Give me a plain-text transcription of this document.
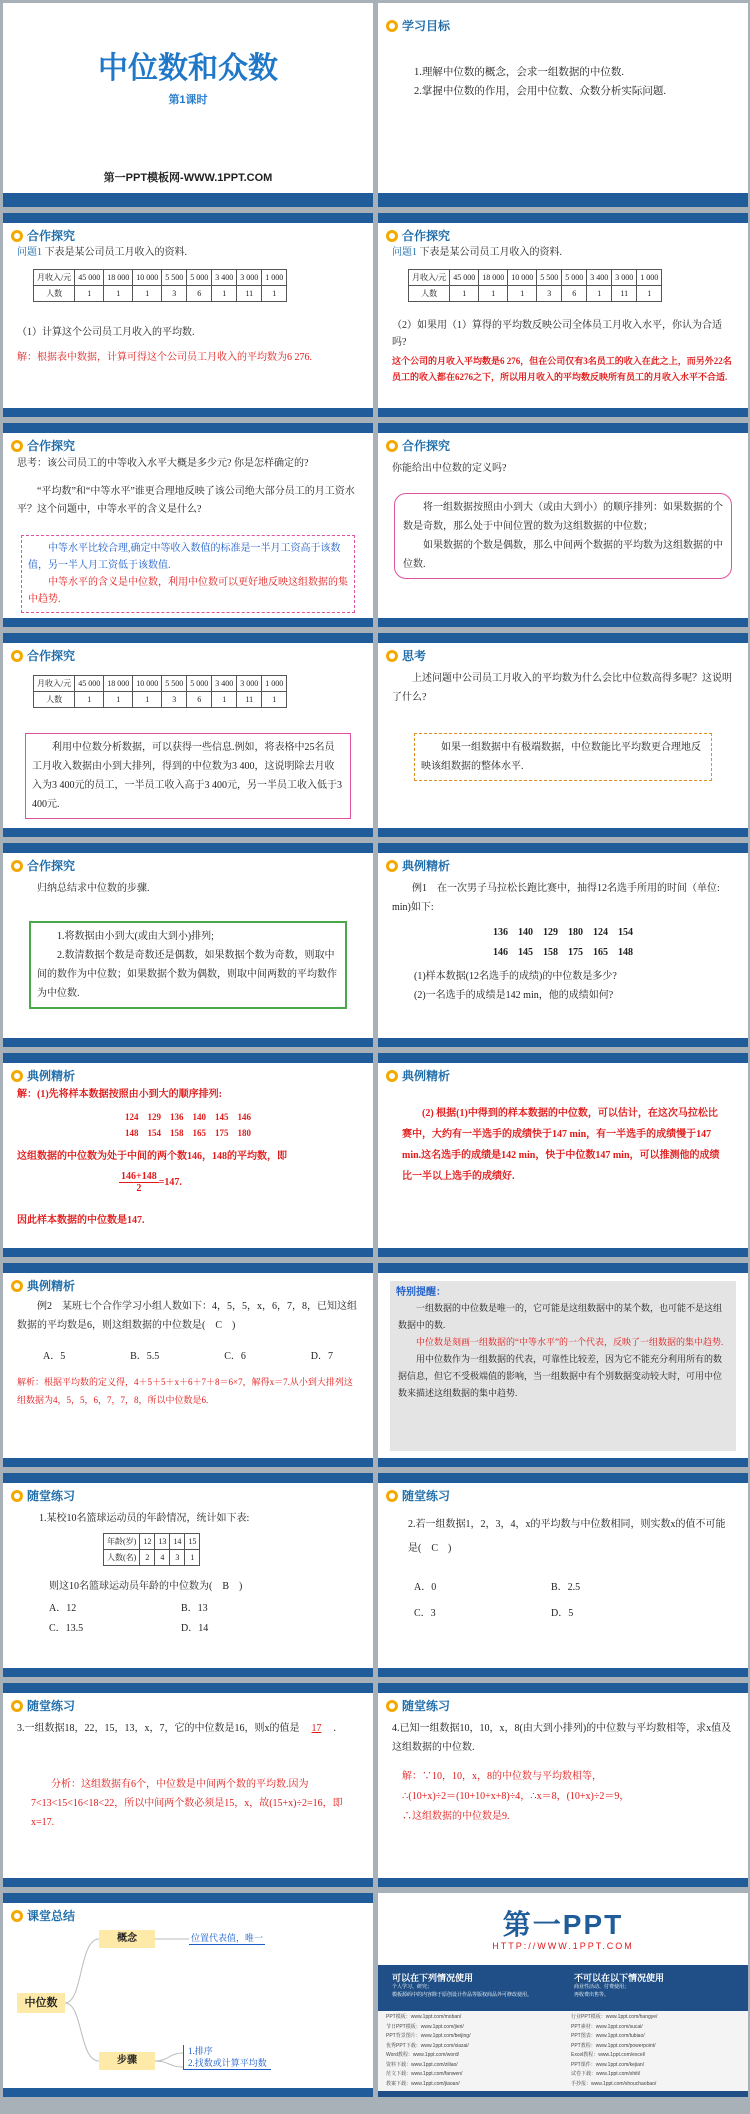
中位数和众数
第1课时
第一PPT模板网-WWW.1PPT.COM
学习目标
1.理解中位数的概念，会求一组数据的中位数.
2.掌握中位数的作用，会用中位数、众数分析实际问题.
合作探究
问题1 下表是某公司员工月收入的资料.
月收入/元	45 000	18 000	10 000	5 500	5 000	3 400	3 000	1 000
人数	1	1	1	3	6	1	11	1
（1）计算这个公司员工月收入的平均数.
解：根据表中数据，计算可得这个公司员工月收入的平均数为6 276.
合作探究
问题1 下表是某公司员工月收入的资料.
月收入/元	45 000	18 000	10 000	5 500	5 000	3 400	3 000	1 000
人数	1	1	1	3	6	1	11	1
（2）如果用（1）算得的平均数反映公司全体员工月收入水平，你认为合适吗?
这个公司的月收入平均数是6 276，但在公司仅有3名员工的收入在此之上，而另外22名员工的收入都在6276之下，所以用月收入的平均数反映所有员工的月收入水平不合适.
合作探究
思考：该公司员工的中等收入水平大概是多少元? 你是怎样确定的?
“平均数”和“中等水平”谁更合理地反映了该公司绝大部分员工的月工资水平？这个问题中，中等水平的含义是什么?
中等水平比较合理,确定中等收入数值的标准是一半月工资高于该数值，另一半人月工资低于该数值.
中等水平的含义是中位数，利用中位数可以更好地反映这组数据的集中趋势.
合作探究
你能给出中位数的定义吗?
将一组数据按照由小到大（或由大到小）的顺序排列：如果数据的个数是奇数，那么处于中间位置的数为这组数据的中位数；
如果数据的个数是偶数，那么中间两个数据的平均数为这组数据的中位数.
合作探究
月收入/元	45 000	18 000	10 000	5 500	5 000	3 400	3 000	1 000
人数	1	1	1	3	6	1	11	1
利用中位数分析数据，可以获得一些信息.例如，将表格中25名员工月收入数据由小到大排列，得到的中位数为3 400，这说明除去月收入为3 400元的员工，一半员工收入高于3 400元，另一半员工收入低于3 400元.
思考
上述问题中公司员工月收入的平均数为什么会比中位数高得多呢？这说明了什么?
如果一组数据中有极端数据，中位数能比平均数更合理地反映该组数据的整体水平.
合作探究
归纳总结求中位数的步骤.
1.将数据由小到大(或由大到小)排列;
2.数清数据个数是奇数还是偶数，如果数据个数为奇数，则取中间的数作为中位数；如果数据个数为偶数，则取中间两数的平均数作为中位数.
典例精析
例1　在一次男子马拉松长跑比赛中，抽得12名选手所用的时间（单位: min)如下:
136　140　129　180　124　154
146　145　158　175　165　148
(1)样本数据(12名选手的成绩)的中位数是多少?
(2)一名选手的成绩是142 min，他的成绩如何?
典例精析
解：(1)先将样本数据按照由小到大的顺序排列:
124　129　136　140　145　146
148　154　158　165　175　180
这组数据的中位数为处于中间的两个数146，148的平均数，即
$\frac{146+148}{2} =147$.
因此样本数据的中位数是147.
典例精析
(2) 根据(1)中得到的样本数据的中位数，可以估计，在这次马拉松比赛中，大约有一半选手的成绩快于147 min，有一半选手的成绩慢于147 min.这名选手的成绩是142 min，快于中位数147 min，可以推测他的成绩比一半以上选手的成绩好.
典例精析
例2　某班七个合作学习小组人数如下：4，5，5，x，6，7，8，已知这组数据的平均数是6，则这组数据的中位数是(　C　)
A．5	B．5.5	C．6	D．7
解析：根据平均数的定义得，4＋5＋5＋x＋6＋7＋8＝6×7，解得x＝7.从小到大排列这组数据为4，5，5，6，7，7，8，所以中位数是6.
特别提醒：
一组数据的中位数是唯一的，它可能是这组数据中的某个数，也可能不是这组数据中的数.
中位数是刻画一组数据的“中等水平”的一个代表，反映了一组数据的集中趋势.
用中位数作为一组数据的代表，可靠性比较差，因为它不能充分利用所有的数据信息，但它不受极端值的影响，当一组数据中有个别数据变动较大时，可用中位数来描述这组数据的集中趋势.
随堂练习
1.某校10名篮球运动员的年龄情况，统计如下表:
年龄(岁)	12	13	14	15
人数(名)	2	4	3	1
则这10名篮球运动员年龄的中位数为(　B　)
A．12	B．13
C．13.5	D．14
随堂练习
2.若一组数据1，2，3，4，x的平均数与中位数相同，则实数x的值不可能是(　C　)
A．0	B．2.5
C．3	D．5
随堂练习
3.一组数据18，22，15，13，x，7，它的中位数是16，则x的值是 17 .
分析：这组数据有6个，中位数是中间两个数的平均数.因为7<13<15<16<18<22，所以中间两个数必须是15，x，故(15+x)÷2=16，即x=17.
随堂练习
4.已知一组数据10，10，x，8(由大到小排列)的中位数与平均数相等，求x值及这组数据的中位数.
解：∵10，10，x，8的中位数与平均数相等，
∴(10+x)÷2＝(10+10+x+8)÷4，∴x＝8，(10+x)÷2＝9，
∴这组数据的中位数是9.
课堂总结
中位数
概念	位置代表值，唯一
步骤
1.排序
2.找数或计算平均数
第一PPT
HTTP://WWW.1PPT.COM
可以在下列情况使用
个人学习、研究；
模板源码中的内容除于原创设计作品等版权商品外可修改使用。
不可以在以下情况使用
商业性活动、付费使用；
再收费出售等。
PPT模板：www.1ppt.com/moban/
节日PPT模板：www.1ppt.com/jieri/
PPT背景图片：www.1ppt.com/beijing/
优秀PPT下载：www.1ppt.com/xiazai/
Word教程：www.1ppt.com/word/
资料下载：www.1ppt.com/ziliao/
范文下载：www.1ppt.com/fanwen/
教案下载：www.1ppt.com/jiaoan/
行业PPT模板：www.1ppt.com/hangye/
PPT素材：www.1ppt.com/sucai/
PPT图表：www.1ppt.com/tubiao/
PPT教程：www.1ppt.com/powerpoint/
Excel教程：www.1ppt.com/excel/
PPT课件：www.1ppt.com/kejian/
试卷下载：www.1ppt.com/shiti/
手抄报：www.1ppt.com/shouchaobao/
